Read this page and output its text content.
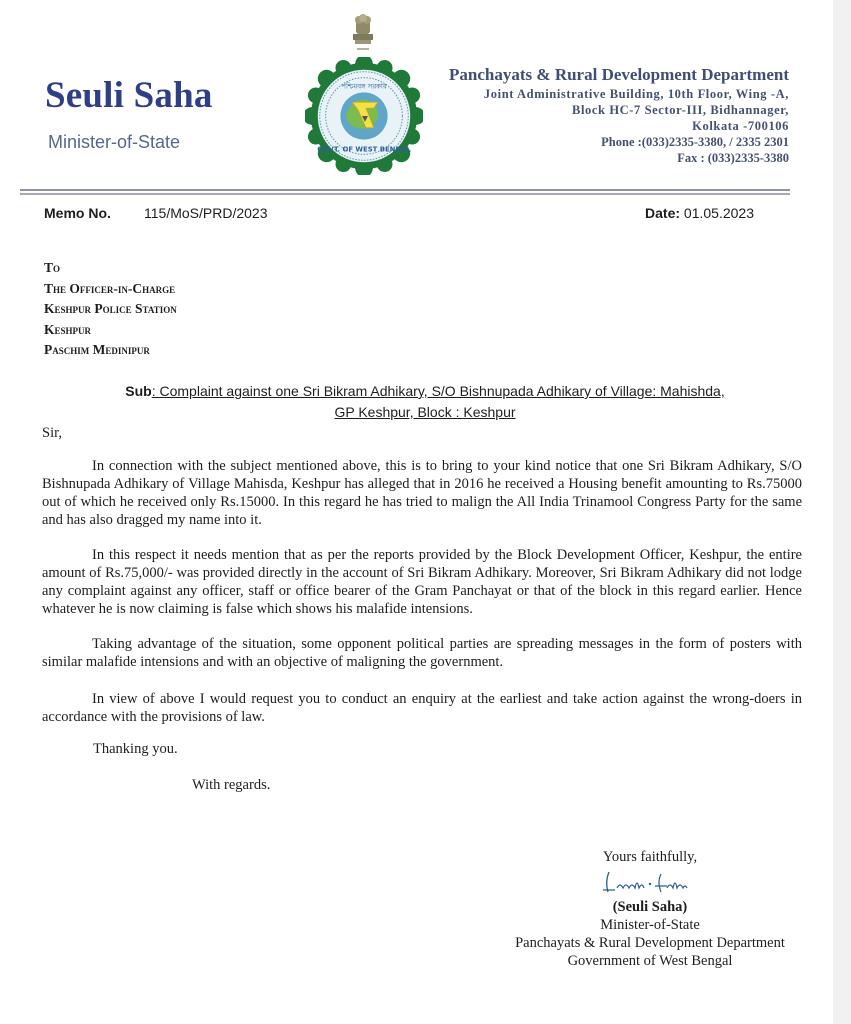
Seuli Saha
Minister-of-State
পশ্চিমবঙ্গ সরকার
GOVT. OF WEST BENGAL
Panchayats & Rural Development Department
Joint Administrative Building, 10th Floor, Wing -A,
Block HC-7 Sector-III, Bidhannager,
Kolkata -700106
Phone :(033)2335-3380, / 2335 2301
Fax : (033)2335-3380
Memo No. 115/MoS/PRD/2023	Date: 01.05.2023
To
The Officer-in-Charge
Keshpur Police Station
Keshpur
Paschim Medinipur
Sub: Complaint against one Sri Bikram Adhikary, S/O Bishnupada Adhikary of Village: Mahishda,
GP Keshpur, Block : Keshpur
Sir,
In connection with the subject mentioned above, this is to bring to your kind notice that one Sri Bikram Adhikary, S/O Bishnupada Adhikary of Village Mahisda, Keshpur has alleged that in 2016 he received a Housing benefit amounting to Rs.75000 out of which he received only Rs.15000. In this regard he has tried to malign the All India Trinamool Congress Party for the same and has also dragged my name into it.
In this respect it needs mention that as per the reports provided by the Block Development Officer, Keshpur, the entire amount of Rs.75,000/- was provided directly in the account of Sri Bikram Adhikary. Moreover, Sri Bikram Adhikary did not lodge any complaint against any officer, staff or office bearer of the Gram Panchayat or that of the block in this regard earlier. Hence whatever he is now claiming is false which shows his malafide intensions.
Taking advantage of the situation, some opponent political parties are spreading messages in the form of posters with similar malafide intensions and with an objective of maligning the government.
In view of above I would request you to conduct an enquiry at the earliest and take action against the wrong-doers in accordance with the provisions of law.
Thanking you.
With regards.
Yours faithfully,
(Seuli Saha)
Minister-of-State
Panchayats & Rural Development Department
Government of West Bengal
